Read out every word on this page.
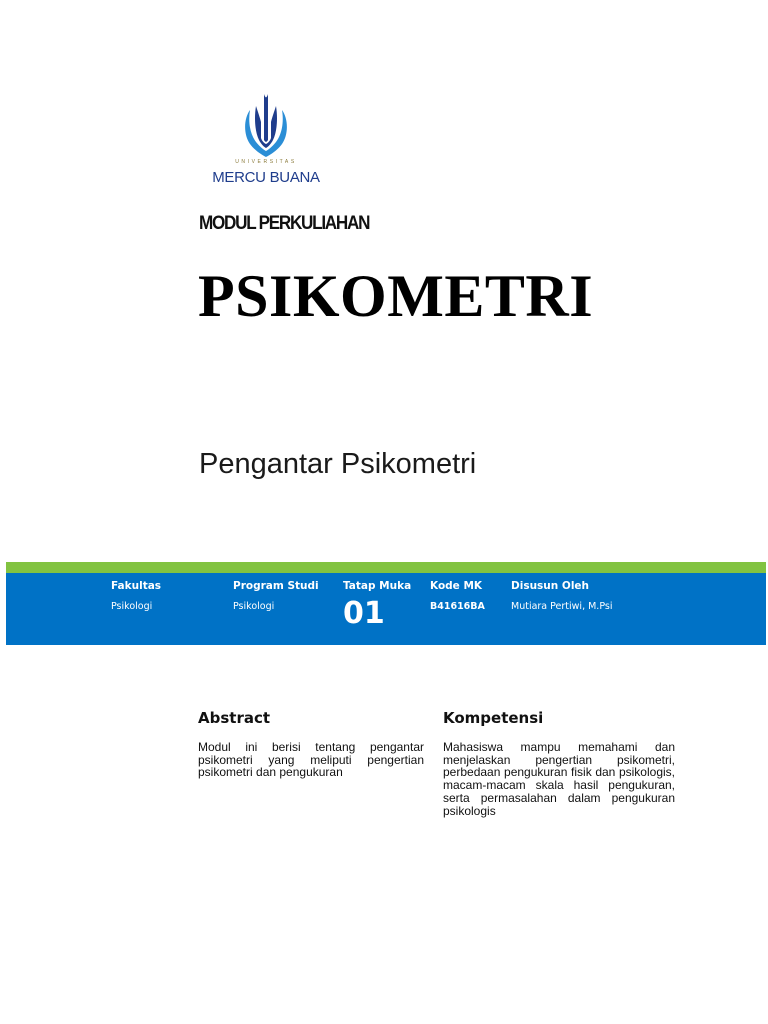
UNIVERSITAS
MERCU BUANA
MODUL PERKULIAHAN
PSIKOMETRI
Pengantar Psikometri
Fakultas
Psikologi
Program Studi
Psikologi
Tatap Muka
01
Kode MK
B41616BA
Disusun Oleh
Mutiara Pertiwi, M.Psi
Abstract
Modul ini berisi tentang pengantar psikometri yang meliputi pengertian psikometri dan pengukuran
Kompetensi
Mahasiswa mampu memahami dan menjelaskan pengertian psikometri, perbedaan pengukuran fisik dan psikologis, macam-macam skala hasil pengukuran, serta permasalahan dalam pengukuran psikologis
